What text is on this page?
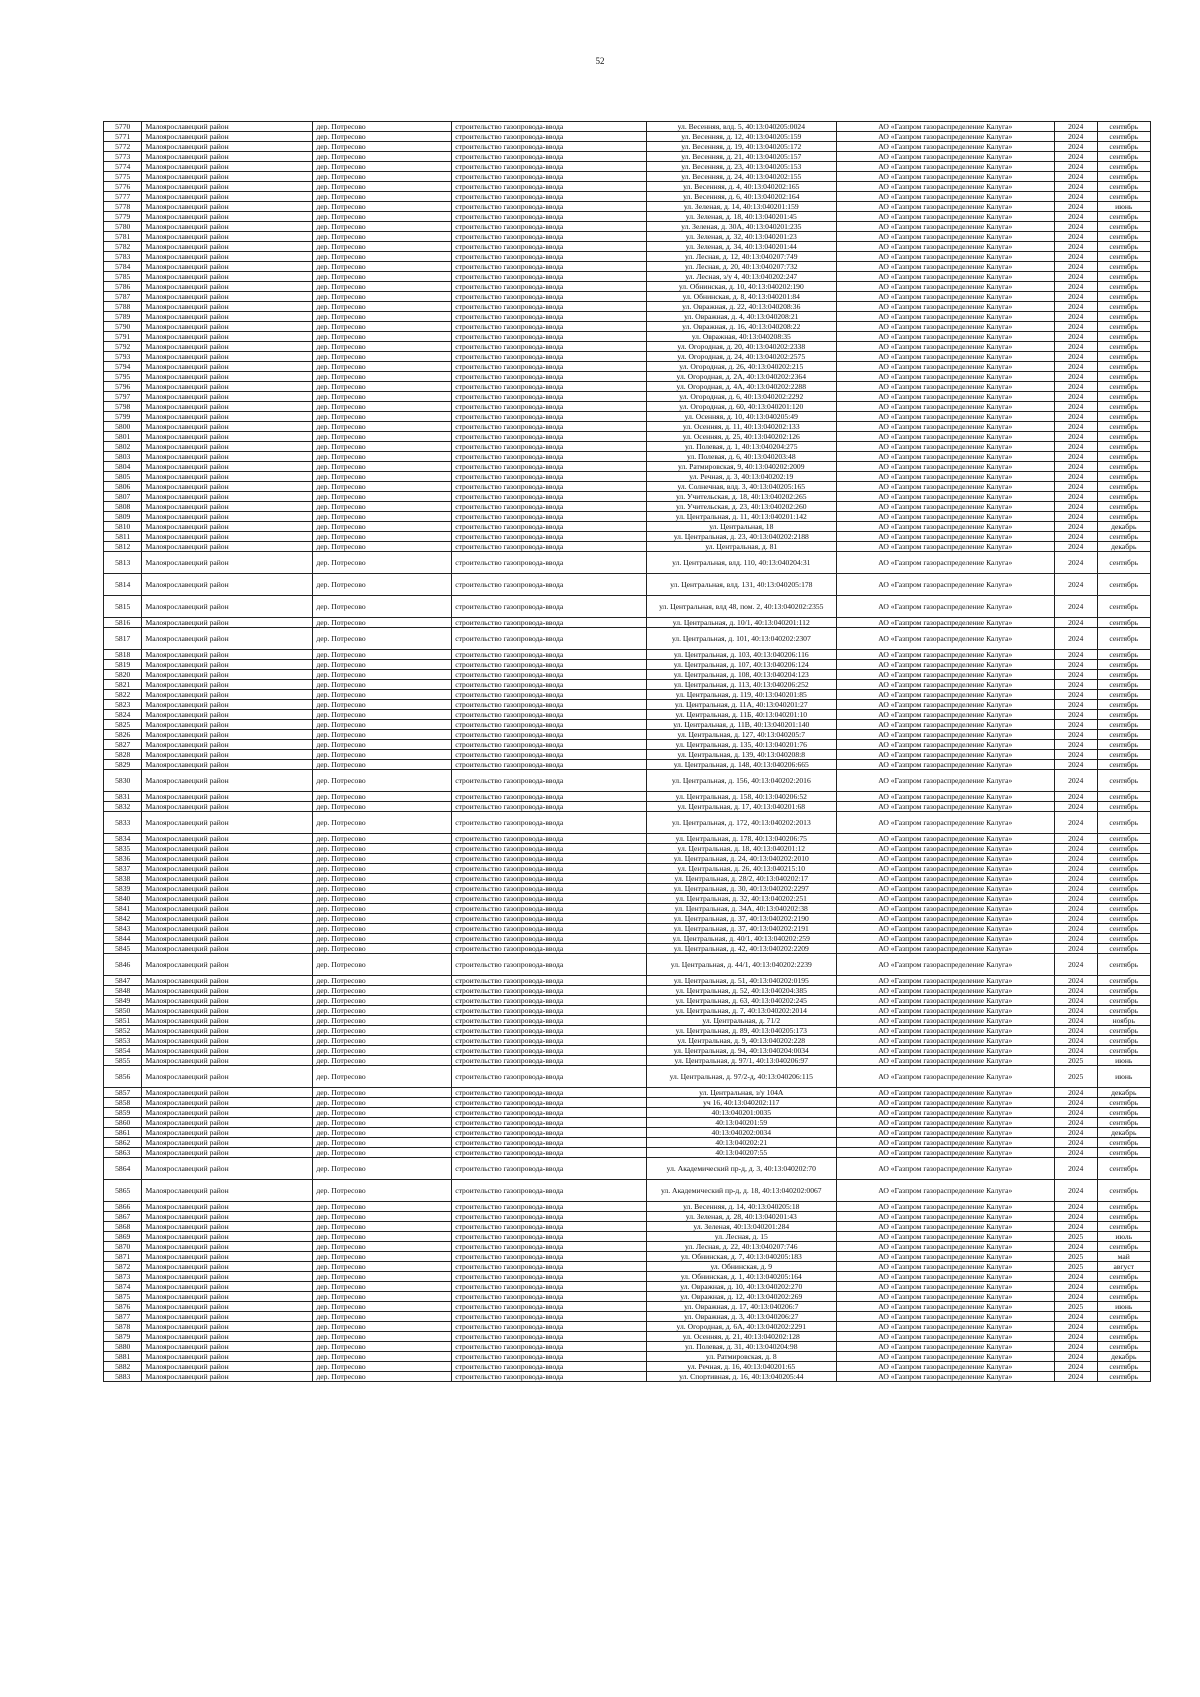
52
5770	Малоярославецкий район	дер. Потресово	строительство газопровода-ввода	ул. Весенняя, влд. 5, 40:13:040205:0024	АО «Газпром газораспределение Калуга»	2024	сентябрь
5771	Малоярославецкий район	дер. Потресово	строительство газопровода-ввода	ул. Весенняя, д. 12, 40:13:040205:159	АО «Газпром газораспределение Калуга»	2024	сентябрь
5772	Малоярославецкий район	дер. Потресово	строительство газопровода-ввода	ул. Весенняя, д. 19, 40:13:040205:172	АО «Газпром газораспределение Калуга»	2024	сентябрь
5773	Малоярославецкий район	дер. Потресово	строительство газопровода-ввода	ул. Весенняя, д. 21, 40:13:040205:157	АО «Газпром газораспределение Калуга»	2024	сентябрь
5774	Малоярославецкий район	дер. Потресово	строительство газопровода-ввода	ул. Весенняя, д. 23, 40:13:040205:153	АО «Газпром газораспределение Калуга»	2024	сентябрь
5775	Малоярославецкий район	дер. Потресово	строительство газопровода-ввода	ул. Весенняя, д. 24, 40:13:040202:155	АО «Газпром газораспределение Калуга»	2024	сентябрь
5776	Малоярославецкий район	дер. Потресово	строительство газопровода-ввода	ул. Весенняя, д. 4, 40:13:040202:165	АО «Газпром газораспределение Калуга»	2024	сентябрь
5777	Малоярославецкий район	дер. Потресово	строительство газопровода-ввода	ул. Весенняя, д. 6, 40:13:040202:164	АО «Газпром газораспределение Калуга»	2024	сентябрь
5778	Малоярославецкий район	дер. Потресово	строительство газопровода-ввода	ул. Зеленая, д. 14, 40:13:040201:159	АО «Газпром газораспределение Калуга»	2024	июнь
5779	Малоярославецкий район	дер. Потресово	строительство газопровода-ввода	ул. Зеленая, д. 18, 40:13:040201:45	АО «Газпром газораспределение Калуга»	2024	сентябрь
5780	Малоярославецкий район	дер. Потресово	строительство газопровода-ввода	ул. Зеленая, д. 30А, 40:13:040201:235	АО «Газпром газораспределение Калуга»	2024	сентябрь
5781	Малоярославецкий район	дер. Потресово	строительство газопровода-ввода	ул. Зеленая, д. 32, 40:13:040201:23	АО «Газпром газораспределение Калуга»	2024	сентябрь
5782	Малоярославецкий район	дер. Потресово	строительство газопровода-ввода	ул. Зеленая, д. 34, 40:13:040201:44	АО «Газпром газораспределение Калуга»	2024	сентябрь
5783	Малоярославецкий район	дер. Потресово	строительство газопровода-ввода	ул. Лесная, д. 12, 40:13:040207:749	АО «Газпром газораспределение Калуга»	2024	сентябрь
5784	Малоярославецкий район	дер. Потресово	строительство газопровода-ввода	ул. Лесная, д. 20, 40:13:040207:732	АО «Газпром газораспределение Калуга»	2024	сентябрь
5785	Малоярославецкий район	дер. Потресово	строительство газопровода-ввода	ул. Лесная, з/у 4, 40:13:040202:247	АО «Газпром газораспределение Калуга»	2024	сентябрь
5786	Малоярославецкий район	дер. Потресово	строительство газопровода-ввода	ул. Обнинская, д. 10, 40:13:040202:190	АО «Газпром газораспределение Калуга»	2024	сентябрь
5787	Малоярославецкий район	дер. Потресово	строительство газопровода-ввода	ул. Обнинская, д. 8, 40:13:040201:84	АО «Газпром газораспределение Калуга»	2024	сентябрь
5788	Малоярославецкий район	дер. Потресово	строительство газопровода-ввода	ул. Овражная, д. 22, 40:13:040208:36	АО «Газпром газораспределение Калуга»	2024	сентябрь
5789	Малоярославецкий район	дер. Потресово	строительство газопровода-ввода	ул. Овражная, д. 4, 40:13:040208:21	АО «Газпром газораспределение Калуга»	2024	сентябрь
5790	Малоярославецкий район	дер. Потресово	строительство газопровода-ввода	ул. Овражная, д. 16, 40:13:040208:22	АО «Газпром газораспределение Калуга»	2024	сентябрь
5791	Малоярославецкий район	дер. Потресово	строительство газопровода-ввода	ул. Овражная, 40:13:040208:35	АО «Газпром газораспределение Калуга»	2024	сентябрь
5792	Малоярославецкий район	дер. Потресово	строительство газопровода-ввода	ул. Огородная, д. 20, 40:13:040202:2338	АО «Газпром газораспределение Калуга»	2024	сентябрь
5793	Малоярославецкий район	дер. Потресово	строительство газопровода-ввода	ул. Огородная, д. 24, 40:13:040202:2575	АО «Газпром газораспределение Калуга»	2024	сентябрь
5794	Малоярославецкий район	дер. Потресово	строительство газопровода-ввода	ул. Огородная, д. 26, 40:13:040202:215	АО «Газпром газораспределение Калуга»	2024	сентябрь
5795	Малоярославецкий район	дер. Потресово	строительство газопровода-ввода	ул. Огородная, д. 2А, 40:13:040202:2364	АО «Газпром газораспределение Калуга»	2024	сентябрь
5796	Малоярославецкий район	дер. Потресово	строительство газопровода-ввода	ул. Огородная, д. 4А, 40:13:040202:2288	АО «Газпром газораспределение Калуга»	2024	сентябрь
5797	Малоярославецкий район	дер. Потресово	строительство газопровода-ввода	ул. Огородная, д. 6, 40:13:040202:2292	АО «Газпром газораспределение Калуга»	2024	сентябрь
5798	Малоярославецкий район	дер. Потресово	строительство газопровода-ввода	ул. Огородная, д. 60, 40:13:040201:120	АО «Газпром газораспределение Калуга»	2024	сентябрь
5799	Малоярославецкий район	дер. Потресово	строительство газопровода-ввода	ул. Осенняя, д. 10, 40:13:040205:49	АО «Газпром газораспределение Калуга»	2024	сентябрь
5800	Малоярославецкий район	дер. Потресово	строительство газопровода-ввода	ул. Осенняя, д. 11, 40:13:040202:133	АО «Газпром газораспределение Калуга»	2024	сентябрь
5801	Малоярославецкий район	дер. Потресово	строительство газопровода-ввода	ул. Осенняя, д. 25, 40:13:040202:126	АО «Газпром газораспределение Калуга»	2024	сентябрь
5802	Малоярославецкий район	дер. Потресово	строительство газопровода-ввода	ул. Полевая, д. 1, 40:13:040204:275	АО «Газпром газораспределение Калуга»	2024	сентябрь
5803	Малоярославецкий район	дер. Потресово	строительство газопровода-ввода	ул. Полевая, д. 6, 40:13:040203:48	АО «Газпром газораспределение Калуга»	2024	сентябрь
5804	Малоярославецкий район	дер. Потресово	строительство газопровода-ввода	ул. Ратмировская, 9, 40:13:040202:2009	АО «Газпром газораспределение Калуга»	2024	сентябрь
5805	Малоярославецкий район	дер. Потресово	строительство газопровода-ввода	ул. Речная, д. 3, 40:13:040202:19	АО «Газпром газораспределение Калуга»	2024	сентябрь
5806	Малоярославецкий район	дер. Потресово	строительство газопровода-ввода	ул. Солнечная, влд. 3, 40:13:040205:165	АО «Газпром газораспределение Калуга»	2024	сентябрь
5807	Малоярославецкий район	дер. Потресово	строительство газопровода-ввода	ул. Учительская, д. 18, 40:13:040202:265	АО «Газпром газораспределение Калуга»	2024	сентябрь
5808	Малоярославецкий район	дер. Потресово	строительство газопровода-ввода	ул. Учительская, д. 23, 40:13:040202:260	АО «Газпром газораспределение Калуга»	2024	сентябрь
5809	Малоярославецкий район	дер. Потресово	строительство газопровода-ввода	ул. Центральная, д. 11, 40:13:040201:142	АО «Газпром газораспределение Калуга»	2024	сентябрь
5810	Малоярославецкий район	дер. Потресово	строительство газопровода-ввода	ул. Центральная, 18	АО «Газпром газораспределение Калуга»	2024	декабрь
5811	Малоярославецкий район	дер. Потресово	строительство газопровода-ввода	ул. Центральная, д. 23, 40:13:040202:2188	АО «Газпром газораспределение Калуга»	2024	сентябрь
5812	Малоярославецкий район	дер. Потресово	строительство газопровода-ввода	ул. Центральная, д. 81	АО «Газпром газораспределение Калуга»	2024	декабрь
5813	Малоярославецкий район	дер. Потресово	строительство газопровода-ввода	ул. Центральная, влд. 110, 40:13:040204:31	АО «Газпром газораспределение Калуга»	2024	сентябрь
5814	Малоярославецкий район	дер. Потресово	строительство газопровода-ввода	ул. Центральная, влд. 131, 40:13:040205:178	АО «Газпром газораспределение Калуга»	2024	сентябрь
5815	Малоярославецкий район	дер. Потресово	строительство газопровода-ввода	ул. Центральная, влд 48, пом. 2, 40:13:040202:2355	АО «Газпром газораспределение Калуга»	2024	сентябрь
5816	Малоярославецкий район	дер. Потресово	строительство газопровода-ввода	ул. Центральная, д. 10/1, 40:13:040201:112	АО «Газпром газораспределение Калуга»	2024	сентябрь
5817	Малоярославецкий район	дер. Потресово	строительство газопровода-ввода	ул. Центральная, д. 101, 40:13:040202:2307	АО «Газпром газораспределение Калуга»	2024	сентябрь
5818	Малоярославецкий район	дер. Потресово	строительство газопровода-ввода	ул. Центральная, д. 103, 40:13:040206:116	АО «Газпром газораспределение Калуга»	2024	сентябрь
5819	Малоярославецкий район	дер. Потресово	строительство газопровода-ввода	ул. Центральная, д. 107, 40:13:040206:124	АО «Газпром газораспределение Калуга»	2024	сентябрь
5820	Малоярославецкий район	дер. Потресово	строительство газопровода-ввода	ул. Центральная, д. 108, 40:13:040204:123	АО «Газпром газораспределение Калуга»	2024	сентябрь
5821	Малоярославецкий район	дер. Потресово	строительство газопровода-ввода	ул. Центральная, д. 113, 40:13:040206:252	АО «Газпром газораспределение Калуга»	2024	сентябрь
5822	Малоярославецкий район	дер. Потресово	строительство газопровода-ввода	ул. Центральная, д. 119, 40:13:040201:85	АО «Газпром газораспределение Калуга»	2024	сентябрь
5823	Малоярославецкий район	дер. Потресово	строительство газопровода-ввода	ул. Центральная, д. 11А, 40:13:040201:27	АО «Газпром газораспределение Калуга»	2024	сентябрь
5824	Малоярославецкий район	дер. Потресово	строительство газопровода-ввода	ул. Центральная, д. 11Б, 40:13:040201:10	АО «Газпром газораспределение Калуга»	2024	сентябрь
5825	Малоярославецкий район	дер. Потресово	строительство газопровода-ввода	ул. Центральная, д. 11В, 40:13:040201:140	АО «Газпром газораспределение Калуга»	2024	сентябрь
5826	Малоярославецкий район	дер. Потресово	строительство газопровода-ввода	ул. Центральная, д. 127, 40:13:040205:7	АО «Газпром газораспределение Калуга»	2024	сентябрь
5827	Малоярославецкий район	дер. Потресово	строительство газопровода-ввода	ул. Центральная, д. 135, 40:13:040201:76	АО «Газпром газораспределение Калуга»	2024	сентябрь
5828	Малоярославецкий район	дер. Потресово	строительство газопровода-ввода	ул. Центральная, д. 139, 40:13:040208:8	АО «Газпром газораспределение Калуга»	2024	сентябрь
5829	Малоярославецкий район	дер. Потресово	строительство газопровода-ввода	ул. Центральная, д. 148, 40:13:040206:665	АО «Газпром газораспределение Калуга»	2024	сентябрь
5830	Малоярославецкий район	дер. Потресово	строительство газопровода-ввода	ул. Центральная, д. 156, 40:13:040202:2016	АО «Газпром газораспределение Калуга»	2024	сентябрь
5831	Малоярославецкий район	дер. Потресово	строительство газопровода-ввода	ул. Центральная, д. 158, 40:13:040206:52	АО «Газпром газораспределение Калуга»	2024	сентябрь
5832	Малоярославецкий район	дер. Потресово	строительство газопровода-ввода	ул. Центральная, д. 17, 40:13:040201:68	АО «Газпром газораспределение Калуга»	2024	сентябрь
5833	Малоярославецкий район	дер. Потресово	строительство газопровода-ввода	ул. Центральная, д. 172, 40:13:040202:2013	АО «Газпром газораспределение Калуга»	2024	сентябрь
5834	Малоярославецкий район	дер. Потресово	строительство газопровода-ввода	ул. Центральная, д. 178, 40:13:040206:75	АО «Газпром газораспределение Калуга»	2024	сентябрь
5835	Малоярославецкий район	дер. Потресово	строительство газопровода-ввода	ул. Центральная, д. 18, 40:13:040201:12	АО «Газпром газораспределение Калуга»	2024	сентябрь
5836	Малоярославецкий район	дер. Потресово	строительство газопровода-ввода	ул. Центральная, д. 24, 40:13:040202:2010	АО «Газпром газораспределение Калуга»	2024	сентябрь
5837	Малоярославецкий район	дер. Потресово	строительство газопровода-ввода	ул. Центральная, д. 26, 40:13:040215:10	АО «Газпром газораспределение Калуга»	2024	сентябрь
5838	Малоярославецкий район	дер. Потресово	строительство газопровода-ввода	ул. Центральная, д. 28/2, 40:13:040202:17	АО «Газпром газораспределение Калуга»	2024	сентябрь
5839	Малоярославецкий район	дер. Потресово	строительство газопровода-ввода	ул. Центральная, д. 30, 40:13:040202:2297	АО «Газпром газораспределение Калуга»	2024	сентябрь
5840	Малоярославецкий район	дер. Потресово	строительство газопровода-ввода	ул. Центральная, д. 32, 40:13:040202:251	АО «Газпром газораспределение Калуга»	2024	сентябрь
5841	Малоярославецкий район	дер. Потресово	строительство газопровода-ввода	ул. Центральная, д. 34А, 40:13:040202:38	АО «Газпром газораспределение Калуга»	2024	сентябрь
5842	Малоярославецкий район	дер. Потресово	строительство газопровода-ввода	ул. Центральная, д. 37, 40:13:040202:2190	АО «Газпром газораспределение Калуга»	2024	сентябрь
5843	Малоярославецкий район	дер. Потресово	строительство газопровода-ввода	ул. Центральная, д. 37, 40:13:040202:2191	АО «Газпром газораспределение Калуга»	2024	сентябрь
5844	Малоярославецкий район	дер. Потресово	строительство газопровода-ввода	ул. Центральная, д. 40/1, 40:13:040202:259	АО «Газпром газораспределение Калуга»	2024	сентябрь
5845	Малоярославецкий район	дер. Потресово	строительство газопровода-ввода	ул. Центральная, д. 42, 40:13:040202:2209	АО «Газпром газораспределение Калуга»	2024	сентябрь
5846	Малоярославецкий район	дер. Потресово	строительство газопровода-ввода	ул. Центральная, д. 44/1, 40:13:040202:2239	АО «Газпром газораспределение Калуга»	2024	сентябрь
5847	Малоярославецкий район	дер. Потресово	строительство газопровода-ввода	ул. Центральная, д. 51, 40:13:040202:0195	АО «Газпром газораспределение Калуга»	2024	сентябрь
5848	Малоярославецкий район	дер. Потресово	строительство газопровода-ввода	ул. Центральная, д. 52, 40:13:040204:385	АО «Газпром газораспределение Калуга»	2024	сентябрь
5849	Малоярославецкий район	дер. Потресово	строительство газопровода-ввода	ул. Центральная, д. 63, 40:13:040202:245	АО «Газпром газораспределение Калуга»	2024	сентябрь
5850	Малоярославецкий район	дер. Потресово	строительство газопровода-ввода	ул. Центральная, д. 7, 40:13:040202:2014	АО «Газпром газораспределение Калуга»	2024	сентябрь
5851	Малоярославецкий район	дер. Потресово	строительство газопровода-ввода	ул. Центральная, д. 71/2	АО «Газпром газораспределение Калуга»	2024	ноябрь
5852	Малоярославецкий район	дер. Потресово	строительство газопровода-ввода	ул. Центральная, д. 89, 40:13:040205:173	АО «Газпром газораспределение Калуга»	2024	сентябрь
5853	Малоярославецкий район	дер. Потресово	строительство газопровода-ввода	ул. Центральная, д. 9, 40:13:040202:228	АО «Газпром газораспределение Калуга»	2024	сентябрь
5854	Малоярославецкий район	дер. Потресово	строительство газопровода-ввода	ул. Центральная, д. 94, 40:13:040204:0034	АО «Газпром газораспределение Калуга»	2024	сентябрь
5855	Малоярославецкий район	дер. Потресово	строительство газопровода-ввода	ул. Центральная, д. 97/1, 40:13:040206:97	АО «Газпром газораспределение Калуга»	2025	июнь
5856	Малоярославецкий район	дер. Потресово	строительство газопровода-ввода	ул. Центральная, д. 97/2-д, 40:13:040206:115	АО «Газпром газораспределение Калуга»	2025	июнь
5857	Малоярославецкий район	дер. Потресово	строительство газопровода-ввода	ул. Центральная, з/у 104А	АО «Газпром газораспределение Калуга»	2024	декабрь
5858	Малоярославецкий район	дер. Потресово	строительство газопровода-ввода	уч 16, 40:13:040202:117	АО «Газпром газораспределение Калуга»	2024	сентябрь
5859	Малоярославецкий район	дер. Потресово	строительство газопровода-ввода	40:13:040201:0035	АО «Газпром газораспределение Калуга»	2024	сентябрь
5860	Малоярославецкий район	дер. Потресово	строительство газопровода-ввода	40:13:040201:59	АО «Газпром газораспределение Калуга»	2024	сентябрь
5861	Малоярославецкий район	дер. Потресово	строительство газопровода-ввода	40:13:040202:0034	АО «Газпром газораспределение Калуга»	2024	декабрь
5862	Малоярославецкий район	дер. Потресово	строительство газопровода-ввода	40:13:040202:21	АО «Газпром газораспределение Калуга»	2024	сентябрь
5863	Малоярославецкий район	дер. Потресово	строительство газопровода-ввода	40:13:040207:55	АО «Газпром газораспределение Калуга»	2024	сентябрь
5864	Малоярославецкий район	дер. Потресово	строительство газопровода-ввода	ул. Академический пр-д, д. 3, 40:13:040202:70	АО «Газпром газораспределение Калуга»	2024	сентябрь
5865	Малоярославецкий район	дер. Потресово	строительство газопровода-ввода	ул. Академический пр-д, д. 18, 40:13:040202:0067	АО «Газпром газораспределение Калуга»	2024	сентябрь
5866	Малоярославецкий район	дер. Потресово	строительство газопровода-ввода	ул. Весенняя, д. 14, 40:13:040205:18	АО «Газпром газораспределение Калуга»	2024	сентябрь
5867	Малоярославецкий район	дер. Потресово	строительство газопровода-ввода	ул. Зеленая, д. 28, 40:13:040201:43	АО «Газпром газораспределение Калуга»	2024	сентябрь
5868	Малоярославецкий район	дер. Потресово	строительство газопровода-ввода	ул. Зеленая, 40:13:040201:284	АО «Газпром газораспределение Калуга»	2024	сентябрь
5869	Малоярославецкий район	дер. Потресово	строительство газопровода-ввода	ул. Лесная, д. 15	АО «Газпром газораспределение Калуга»	2025	июль
5870	Малоярославецкий район	дер. Потресово	строительство газопровода-ввода	ул. Лесная, д. 22, 40:13:040207:746	АО «Газпром газораспределение Калуга»	2024	сентябрь
5871	Малоярославецкий район	дер. Потресово	строительство газопровода-ввода	ул. Обнинская, д. 7, 40:13:040205:183	АО «Газпром газораспределение Калуга»	2025	май
5872	Малоярославецкий район	дер. Потресово	строительство газопровода-ввода	ул. Обнинская, д. 9	АО «Газпром газораспределение Калуга»	2025	август
5873	Малоярославецкий район	дер. Потресово	строительство газопровода-ввода	ул. Обнинская, д. 1, 40:13:040205:164	АО «Газпром газораспределение Калуга»	2024	сентябрь
5874	Малоярославецкий район	дер. Потресово	строительство газопровода-ввода	ул. Овражная, д. 10, 40:13:040202:270	АО «Газпром газораспределение Калуга»	2024	сентябрь
5875	Малоярославецкий район	дер. Потресово	строительство газопровода-ввода	ул. Овражная, д. 12, 40:13:040202:269	АО «Газпром газораспределение Калуга»	2024	сентябрь
5876	Малоярославецкий район	дер. Потресово	строительство газопровода-ввода	ул. Овражная, д. 17, 40:13:040206:7	АО «Газпром газораспределение Калуга»	2025	июнь
5877	Малоярославецкий район	дер. Потресово	строительство газопровода-ввода	ул. Овражная, д. 3, 40:13:040206:27	АО «Газпром газораспределение Калуга»	2024	сентябрь
5878	Малоярославецкий район	дер. Потресово	строительство газопровода-ввода	ул. Огородная, д. 6А, 40:13:040202:2291	АО «Газпром газораспределение Калуга»	2024	сентябрь
5879	Малоярославецкий район	дер. Потресово	строительство газопровода-ввода	ул. Осенняя, д. 21, 40:13:040202:128	АО «Газпром газораспределение Калуга»	2024	сентябрь
5880	Малоярославецкий район	дер. Потресово	строительство газопровода-ввода	ул. Полевая, д. 31, 40:13:040204:98	АО «Газпром газораспределение Калуга»	2024	сентябрь
5881	Малоярославецкий район	дер. Потресово	строительство газопровода-ввода	ул. Ратмировская, д. 8	АО «Газпром газораспределение Калуга»	2024	декабрь
5882	Малоярославецкий район	дер. Потресово	строительство газопровода-ввода	ул. Речная, д. 16, 40:13:040201:65	АО «Газпром газораспределение Калуга»	2024	сентябрь
5883	Малоярославецкий район	дер. Потресово	строительство газопровода-ввода	ул. Спортивная, д. 16, 40:13:040205:44	АО «Газпром газораспределение Калуга»	2024	сентябрь
